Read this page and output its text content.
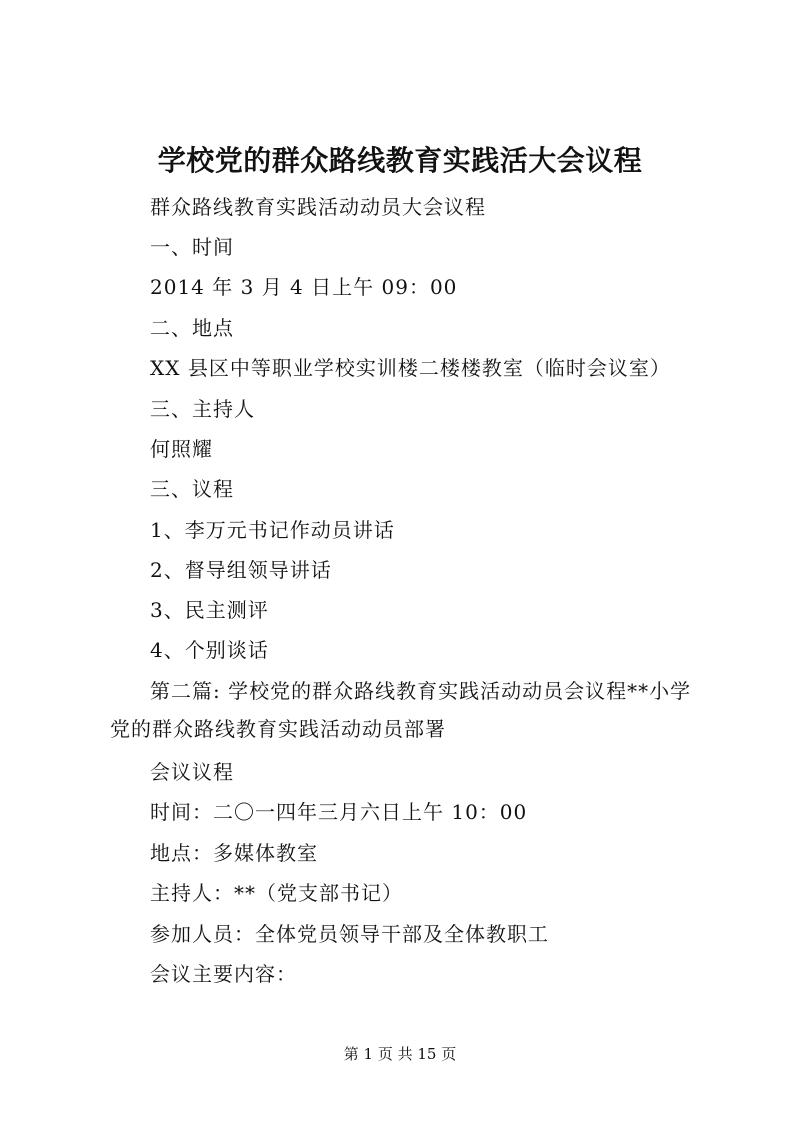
学校党的群众路线教育实践活大会议程
群众路线教育实践活动动员大会议程
一、时间
2014 年 3 月 4 日上午 09：00
二、地点
XX 县区中等职业学校实训楼二楼楼教室（临时会议室）
三、主持人
何照耀
三、议程
1、李万元书记作动员讲话
2、督导组领导讲话
3、民主测评
4、个别谈话
第二篇: 学校党的群众路线教育实践活动动员会议程**小学党的群众路线教育实践活动动员部署
会议议程
时间：二〇一四年三月六日上午 10：00
地点：多媒体教室
主持人：**（党支部书记）
参加人员：全体党员领导干部及全体教职工
会议主要内容：
第 1 页 共 15 页
